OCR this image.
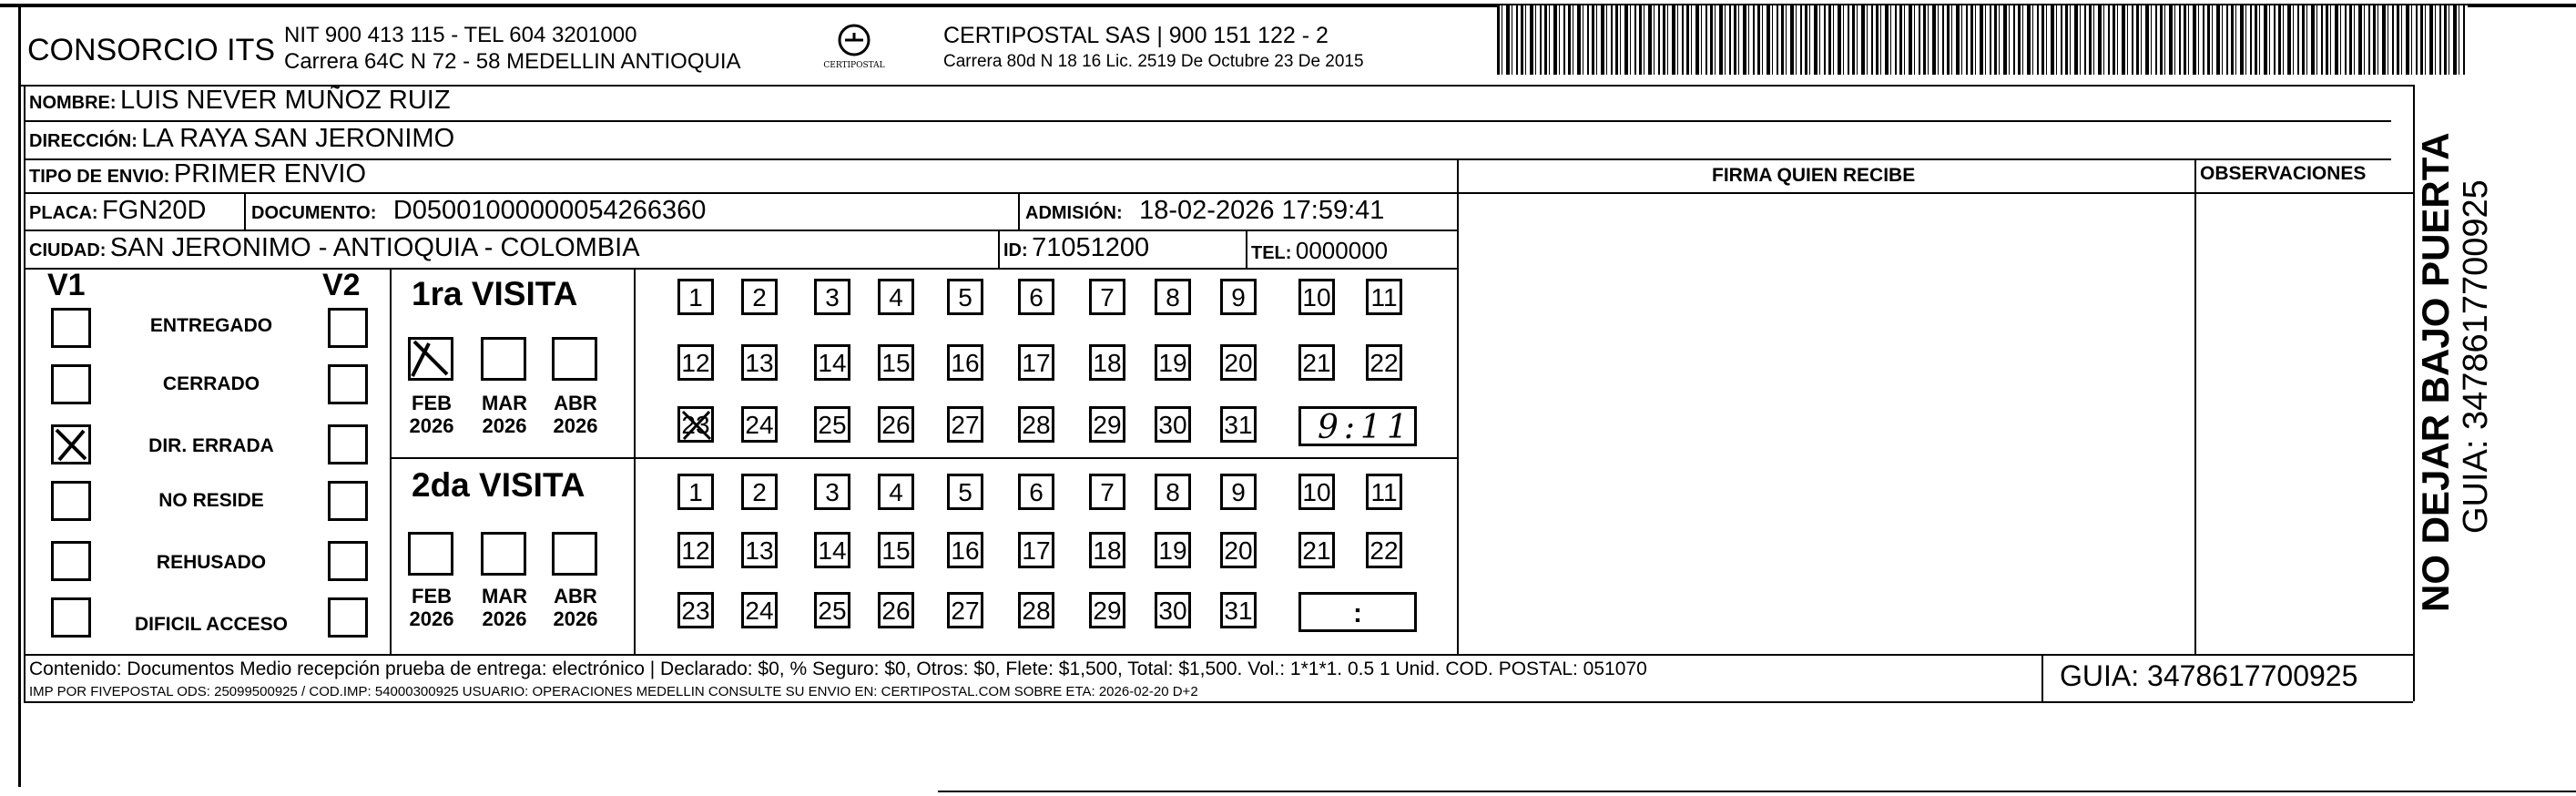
CONSORCIO ITS NIT 900 413 115 - TEL 604 3201000
Carrera 64C N 72 - 58 MEDELLIN ANTIOQUIA	CERTIPOSTAL
CERTIPOSTAL SAS | 900 151 122 - 2
Carrera 80d N 18 16 Lic. 2519 De Octubre 23 De 2015
NOMBRE: LUIS NEVER MUÑOZ RUIZ
DIRECCIÓN: LA RAYA SAN JERONIMO
TIPO DE ENVIO: PRIMER ENVIO	FIRMA QUIEN RECIBE	OBSERVACIONES
PLACA: FGN20D DOCUMENTO: D05001000000054266360	ADMISIÓN: 18-02-2026 17:59:41
CIUDAD: SAN JERONIMO - ANTIOQUIA - COLOMBIA	ID: 71051200	TEL: 0000000
V1	V2
ENTREGADO
CERRADO
DIR. ERRADA
NO RESIDE
REHUSADO
DIFICIL ACCESO
1ra VISITA
FEB
2026
MAR
2026
ABR
2026
2da VISITA
FEB
2026
MAR
2026
ABR
2026
1	2	3	4	5	6	7	8	9	10 11
12 13 14 15 16 17 18 19 20 21 22
23 24 25 26 27 28 29 30 31
1	2	3	4	5	6	7	8	9	10 11
12 13 14 15 16 17 18 19 20 21 22
23 24 25 26 27 28 29 30 31
9:11
:
Contenido: Documentos Medio recepción prueba de entrega: electrónico | Declarado: $0, % Seguro: $0, Otros: $0, Flete: $1,500, Total: $1,500. Vol.: 1*1*1. 0.5 1 Unid. COD. POSTAL: 051070
IMP POR FIVEPOSTAL ODS: 25099500925 / COD.IMP: 54000300925 USUARIO: OPERACIONES MEDELLIN CONSULTE SU ENVIO EN: CERTIPOSTAL.COM SOBRE ETA: 2026-02-20 D+2	GUIA: 3478617700925
NO DEJAR BAJO PUERTA GUIA: 3478617700925
